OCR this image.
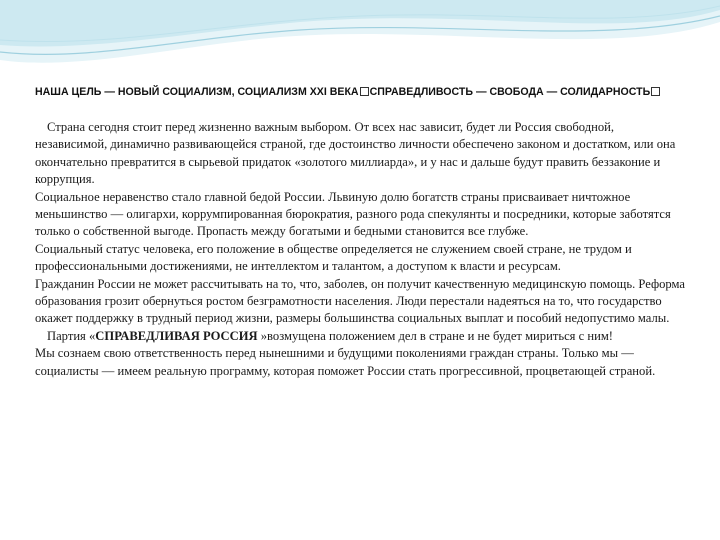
НАША ЦЕЛЬ — НОВЫЙ СОЦИАЛИЗМ, СОЦИАЛИЗМ XXI ВЕКА СПРАВЕДЛИВОСТЬ — СВОБОДА — СОЛИДАРНОСТЬ

Страна сегодня стоит перед жизненно важным выбором. От всех нас зависит, будет ли Россия свободной, независимой, динамично развивающейся страной, где достоинство личности обеспечено законом и достатком, или она окончательно превратится в сырьевой придаток «золотого миллиарда», и у нас и дальше будут править беззаконие и коррупция.

Социальное неравенство стало главной бедой России. Львиную долю богатств страны присваивает ничтожное меньшинство — олигархи, коррумпированная бюрократия, разного рода спекулянты и посредники, которые заботятся только о собственной выгоде. Пропасть между богатыми и бедными становится все глубже.

Социальный статус человека, его положение в обществе определяется не служением своей стране, не трудом и профессиональными достижениями, не интеллектом и талантом, а доступом к власти и ресурсам.

Гражданин России не может рассчитывать на то, что, заболев, он получит качественную медицинскую помощь. Реформа образования грозит обернуться ростом безграмотности населения. Люди перестали надеяться на то, что государство окажет поддержку в трудный период жизни, размеры большинства социальных выплат и пособий недопустимо малы.

Партия «СПРАВЕДЛИВАЯ РОССИЯ »возмущена положением дел в стране и не будет мириться с ним!

Мы сознаем свою ответственность перед нынешними и будущими поколениями граждан страны. Только мы — социалисты — имеем реальную программу, которая поможет России стать прогрессивной, процветающей страной.
